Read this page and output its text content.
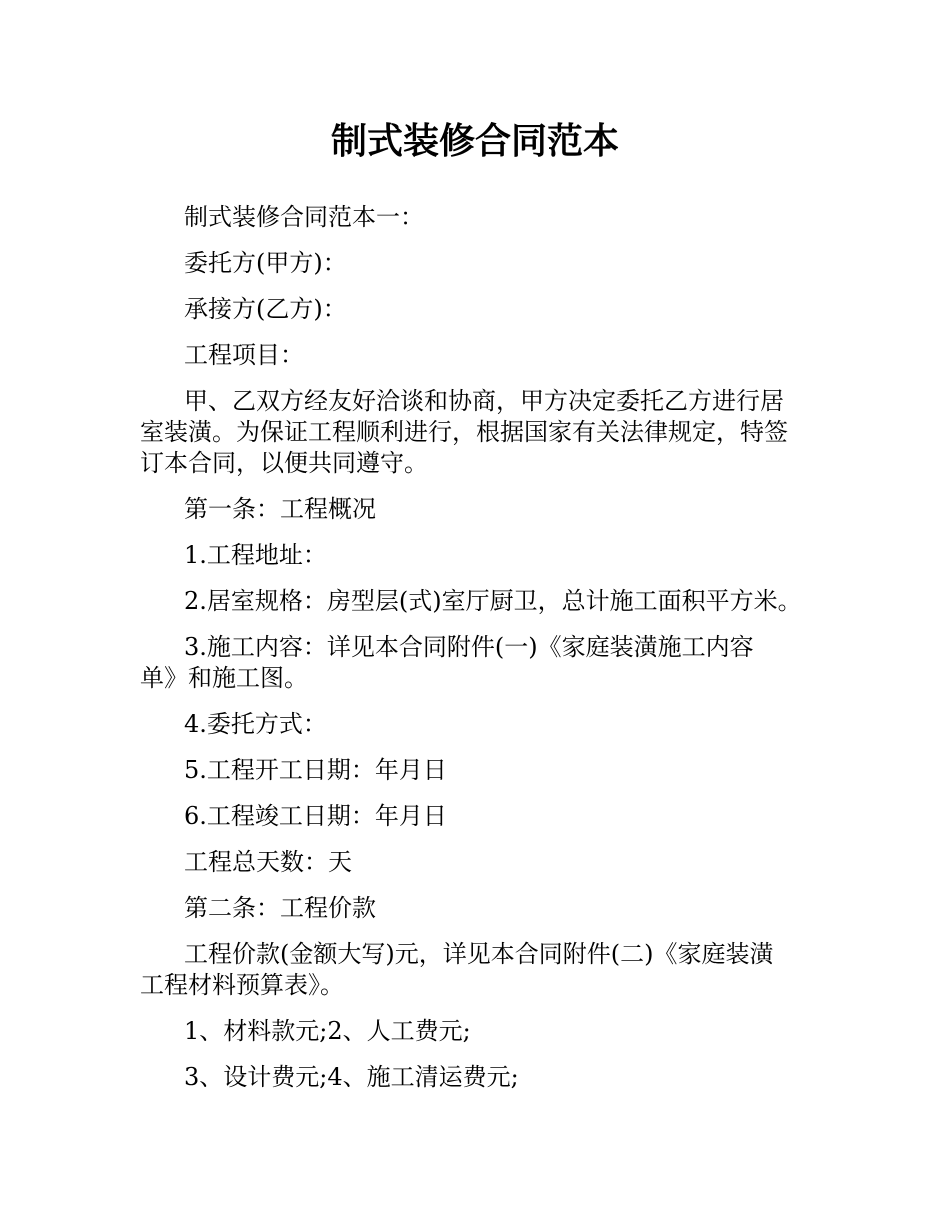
制式装修合同范本

制式装修合同范本一：

委托方(甲方)：

承接方(乙方)：

工程项目：

甲、乙双方经友好洽谈和协商，甲方决定委托乙方进行居
室装潢。为保证工程顺利进行，根据国家有关法律规定，特签
订本合同，以便共同遵守。

第一条：工程概况

1.工程地址：

2.居室规格：房型层(式)室厅厨卫，总计施工面积平方米。

3.施工内容：详见本合同附件(一)《家庭装潢施工内容
单》和施工图。

4.委托方式：

5.工程开工日期：年月日

6.工程竣工日期：年月日

工程总天数：天

第二条：工程价款

工程价款(金额大写)元，详见本合同附件(二)《家庭装潢
工程材料预算表》。

1、材料款元;2、人工费元;

3、设计费元;4、施工清运费元;
